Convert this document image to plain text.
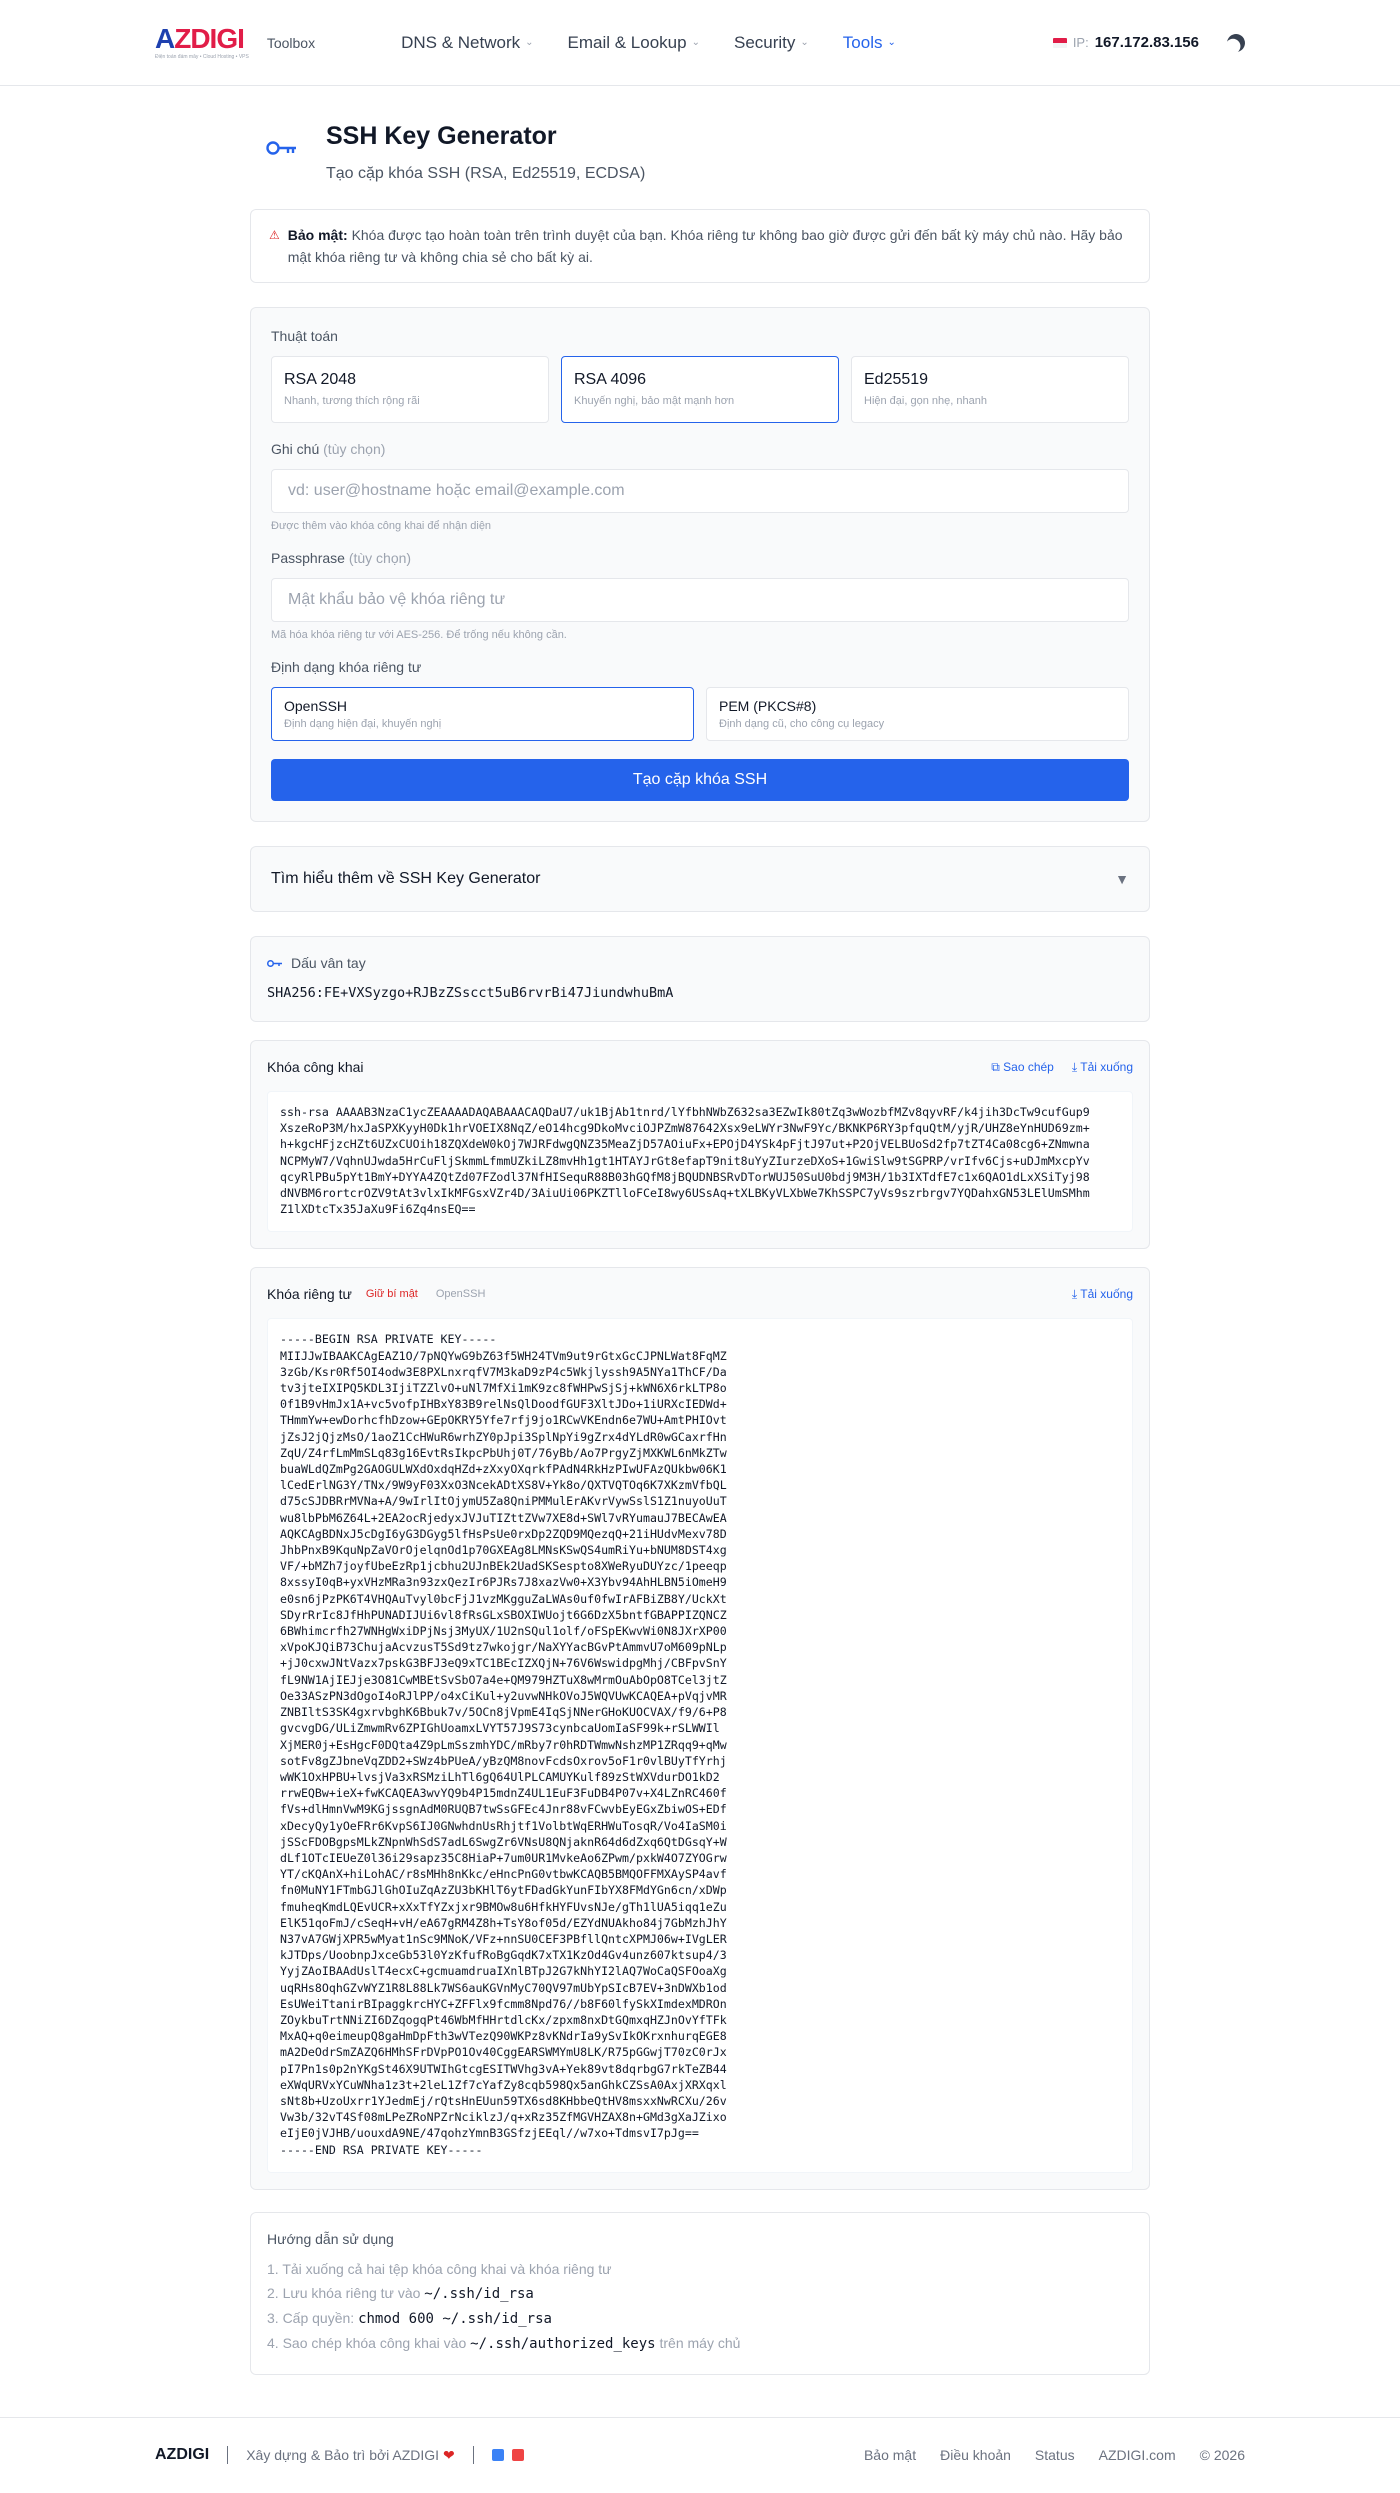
AZDIGI
Điện toán đám mây • Cloud Hosting • VPS
Toolbox	DNS & Network ⌄ Email & Lookup ⌄ Security ⌄ Tools ⌄	IP: 167.172.83.156
SSH Key Generator

Tạo cặp khóa SSH (RSA, Ed25519, ECDSA)

⚠ Bảo mật: Khóa được tạo hoàn toàn trên trình duyệt của bạn. Khóa riêng tư không bao giờ được gửi đến bất kỳ máy chủ nào. Hãy bảo mật khóa riêng tư và không chia sẻ cho bất kỳ ai.

Thuật toán
RSA 2048
Nhanh, tương thích rộng rãi
RSA 4096
Khuyến nghị, bảo mật mạnh hơn
Ed25519
Hiện đại, gọn nhẹ, nhanh
Ghi chú (tùy chọn)
vd: user@hostname hoặc email@example.com
Được thêm vào khóa công khai để nhận diện
Passphrase (tùy chọn)
Mã hóa khóa riêng tư với AES-256. Để trống nếu không cần.
Định dạng khóa riêng tư
OpenSSH
Định dạng hiện đại, khuyến nghị
PEM (PKCS#8)
Định dạng cũ, cho công cụ legacy
Tạo cặp khóa SSH
Tìm hiểu thêm về SSH Key Generator	▼
Dấu vân tay
SHA256:FE+VXSyzgo+RJBzZSscct5uB6rvrBi47JiundwhuBmA
Khóa công khai	⧉ Sao chép ⤓ Tải xuống
ssh-rsa AAAAB3NzaC1ycZEAAAADAQABAAACAQDaU7/uk1BjAb1tnrd/lYfbhNWbZ632sa3EZwIk80tZq3wWozbfMZv8qyvRF/k4jih3DcTw9cufGup9
XszeRoP3M/hxJaSPXKyyH0Dk1hrVOEIX8NqZ/eO14hcg9DkoMvciOJPZmW87642Xsx9eLWYr3NwF9Yc/BKNKP6RY3pfquQtM/yjR/UHZ8eYnHUD69zm+
h+kgcHFjzcHZt6UZxCUOih18ZQXdeW0kOj7WJRFdwgQNZ35MeaZjD57AOiuFx+EPOjD4YSk4pFjtJ97ut+P2OjVELBUoSd2fp7tZT4Ca08cg6+ZNmwna
NCPMyW7/VqhnUJwda5HrCuFljSkmmLfmmUZkiLZ8mvHh1gt1HTAYJrGt8efapT9nit8uYyZIurzeDXoS+1GwiSlw9tSGPRP/vrIfv6Cjs+uDJmMxcpYv
qcyRlPBu5pYt1BmY+DYYA4ZQtZd07FZodl37NfHISequR88B03hGQfM8jBQUDNBSRvDTorWUJ50SuU0bdj9M3H/1b3IXTdfE7c1x6QAO1dLxXSiTyj98
dNVBM6rortcrOZV9tAt3vlxIkMFGsxVZr4D/3AiuUi06PKZTlloFCeI8wy6USsAq+tXLBKyVLXbWe7KhSSPC7yVs9szrbrgv7YQDahxGN53LElUmSMhm
Z1lXDtcTx35JaXu9Fi6Zq4nsEQ==
Khóa riêng tư Giữ bí mật OpenSSH	⤓ Tải xuống
-----BEGIN RSA PRIVATE KEY-----
MIIJJwIBAAKCAgEAZ1O/7pNQYwG9bZ63f5WH24TVm9ut9rGtxGcCJPNLWat8FqMZ
3zGb/Ksr0Rf5OI4odw3E8PXLnxrqfV7M3kaD9zP4c5Wkjlyssh9A5NYa1ThCF/Da
tv3jteIXIPQ5KDL3IjiTZZlvO+uNl7MfXi1mK9zc8fWHPwSjSj+kWN6X6rkLTP8o
0f1B9vHmJx1A+vc5vofpIHBxY83B9relNsQlDoodfGUF3XltJDo+1iURXcIEDWd+
THmmYw+ewDorhcfhDzow+GEpOKRY5Yfe7rfj9jo1RCwVKEndn6e7WU+AmtPHIOvt
jZsJ2jQjzMsO/1aoZ1CcHWuR6wrhZY0pJpi3SplNpYi9gZrx4dYLdR0wGCaxrfHn
ZqU/Z4rfLmMmSLq83g16EvtRsIkpcPbUhj0T/76yBb/Ao7PrgyZjMXKWL6nMkZTw
buaWLdQZmPg2GAOGULWXdOxdqHZd+zXxyOXqrkfPAdN4RkHzPIwUFAzQUkbw06K1
lCedErlNG3Y/TNx/9W9yF03XxO3NcekADtXS8V+Yk8o/QXTVQTOq6K7XKzmVfbQL
d75cSJDBRrMVNa+A/9wIrlItOjymU5Za8QniPMMulErAKvrVywSslS1Z1nuyoUuT
wu8lbPbM6Z64L+2EA2ocRjedyxJVJuTIZttZVw7XE8d+SWl7vRYumauJ7BECAwEA
AQKCAgBDNxJ5cDgI6yG3DGyg5lfHsPsUe0rxDp2ZQD9MQezqQ+21iHUdvMexv78D
JhbPnxB9KquNpZaVOrOjelqnOd1p70GXEAg8LMNsKSwQS4umRiYu+bNUM8DST4xg
VF/+bMZh7joyfUbeEzRp1jcbhu2UJnBEk2UadSKSespto8XWeRyuDUYzc/1peeqp
8xssyI0qB+yxVHzMRa3n93zxQezIr6PJRs7J8xazVw0+X3Ybv94AhHLBN5iOmeH9
e0sn6jPzPK6T4VHQAuTvyl0bcFjJ1vzMKgguZaLWAs0uf0fwIrAFBiZB8Y/UckXt
SDyrRrIc8JfHhPUNADIJUi6vl8fRsGLxSBOXIWUojt6G6DzX5bntfGBAPPIZQNCZ
6BWhimcrfh27WNHgWxiDPjNsj3MyUX/1U2nSQul1olf/oFSpEKwvWi0N8JXrXP00
xVpoKJQiB73ChujaAcvzusT5Sd9tz7wkojgr/NaXYYacBGvPtAmmvU7oM609pNLp
+jJ0cxwJNtVazx7pskG3BFJ3eQ9xTC1BEcIZXQjN+76V6WswidpgMhj/CBFpvSnY
fL9NW1AjIEJje3O81CwMBEtSvSbO7a4e+QM979HZTuX8wMrmOuAbOpO8TCel3jtZ
Oe33ASzPN3dOgoI4oRJlPP/o4xCiKul+y2uvwNHkOVoJ5WQVUwKCAQEA+pVqjvMR
ZNBIltS3SK4gxrvbghK6Bbuk7v/5OCn8jVpmE4IqSjNNerGHoKUOCVAX/f9/6+P8
gvcvgDG/ULiZmwmRv6ZPIGhUoamxLVYT57J9S73cynbcaUomIaSF99k+rSLWWIl
XjMER0j+EsHgcF0DQta4Z9pLmSszmhYDC/mRby7r0hRDTWmwNshzMP1ZRqq9+qMw
sotFv8gZJbneVqZDD2+SWz4bPUeA/yBzQM8novFcdsOxrov5oF1r0vlBUyTfYrhj
wWK1OxHPBU+lvsjVa3xRSMziLhTl6gQ64UlPLCAMUYKulf89zStWXVdurDO1kD2
rrwEQBw+ieX+fwKCAQEA3wvYQ9b4P15mdnZ4UL1EuF3FuDB4P07v+X4LZnRC460f
fVs+dlHmnVwM9KGjssgnAdM0RUQB7twSsGFEc4Jnr88vFCwvbEyEGxZbiwOS+EDf
xDecyQy1yOeFRr6KvpS6IJ0GNwhdnUsRhjtf1VolbtWqERHWuTosqR/Vo4IaSM0i
jSScFDOBgpsMLkZNpnWhSdS7adL6SwgZr6VNsU8QNjaknR64d6dZxq6QtDGsqY+W
dLf1OTcIEUeZ0l36i29sapz35C8HiaP+7um0UR1MvkeAo6ZPwm/pxkW4O7ZYOGrw
YT/cKQAnX+hiLohAC/r8sMHh8nKkc/eHncPnG0vtbwKCAQB5BMQOFFMXAySP4avf
fn0MuNY1FTmbGJlGhOIuZqAzZU3bKHlT6ytFDadGkYunFIbYX8FMdYGn6cn/xDWp
fmuheqKmdLQEvUCR+xXxTfYZxjxr9BMOw8u6HfkHYFUvsNJe/gTh1lUA5iqq1eZu
ElK51qoFmJ/cSeqH+vH/eA67gRM4Z8h+TsY8of05d/EZYdNUAkho84j7GbMzhJhY
N37vA7GWjXPR5wMyat1nSc9MNoK/VFz+nnSU0CEF3PBfllQntcXPMJ06w+IVgLER
kJTDps/UoobnpJxceGb53l0YzKfufRoBgGqdK7xTX1KzOd4Gv4unz607ktsup4/3
YyjZAoIBAAdUslT4ecxC+gcmuamdruaIXnlBTpJ2G7kNhYI2lAQ7WoCaQSFOoaXg
uqRHs8OqhGZvWYZ1R8L88Lk7WS6auKGVnMyC70QV97mUbYpSIcB7EV+3nDWXb1od
EsUWeiTtanirBIpaggkrcHYC+ZFFlx9fcmm8Npd76//b8F60lfySkXImdexMDROn
ZOykbuTrtNNiZI6DZqogqPt46WbMfHHrtdlcKx/zpxm8nxDtGQmxqHZJnOvYfTFk
MxAQ+q0eimeupQ8gaHmDpFth3wVTezQ90WKPz8vKNdrIa9ySvIkOKrxnhurqEGE8
mA2DeOdrSmZAZQ6HMhSFrDVpPO1Ov40CggEARSWMYmU8LK/R75pGGwjT70zC0rJx
pI7Pn1s0p2nYKgSt46X9UTWIhGtcgESITWVhg3vA+Yek89vt8dqrbgG7rkTeZB44
eXWqURVxYCuWNha1z3t+2leL1Zf7cYafZy8cqb598Qx5anGhkCZSsA0AxjXRXqxl
sNt8b+UzoUxrr1YJedmEj/rQtsHnEUun59TX6sd8KHbbeQtHV8msxxNwRCXu/26v
Vw3b/32vT4Sf08mLPeZRoNPZrNciklzJ/q+xRz35ZfMGVHZAX8n+GMd3gXaJZixo
eIjE0jVJHB/uouxdA9NE/47qohzYmnB3GSfzjEEql//w7xo+TdmsvI7pJg==
-----END RSA PRIVATE KEY-----
Hướng dẫn sử dụng
1. Tải xuống cả hai tệp khóa công khai và khóa riêng tư
2. Lưu khóa riêng tư vào ~/.ssh/id_rsa
3. Cấp quyền: chmod 600 ~/.ssh/id_rsa
4. Sao chép khóa công khai vào ~/.ssh/authorized_keys trên máy chủ
AZDIGI	Xây dựng & Bảo trì bởi AZDIGI ❤	Bảo mật Điều khoản Status AZDIGI.com © 2026
